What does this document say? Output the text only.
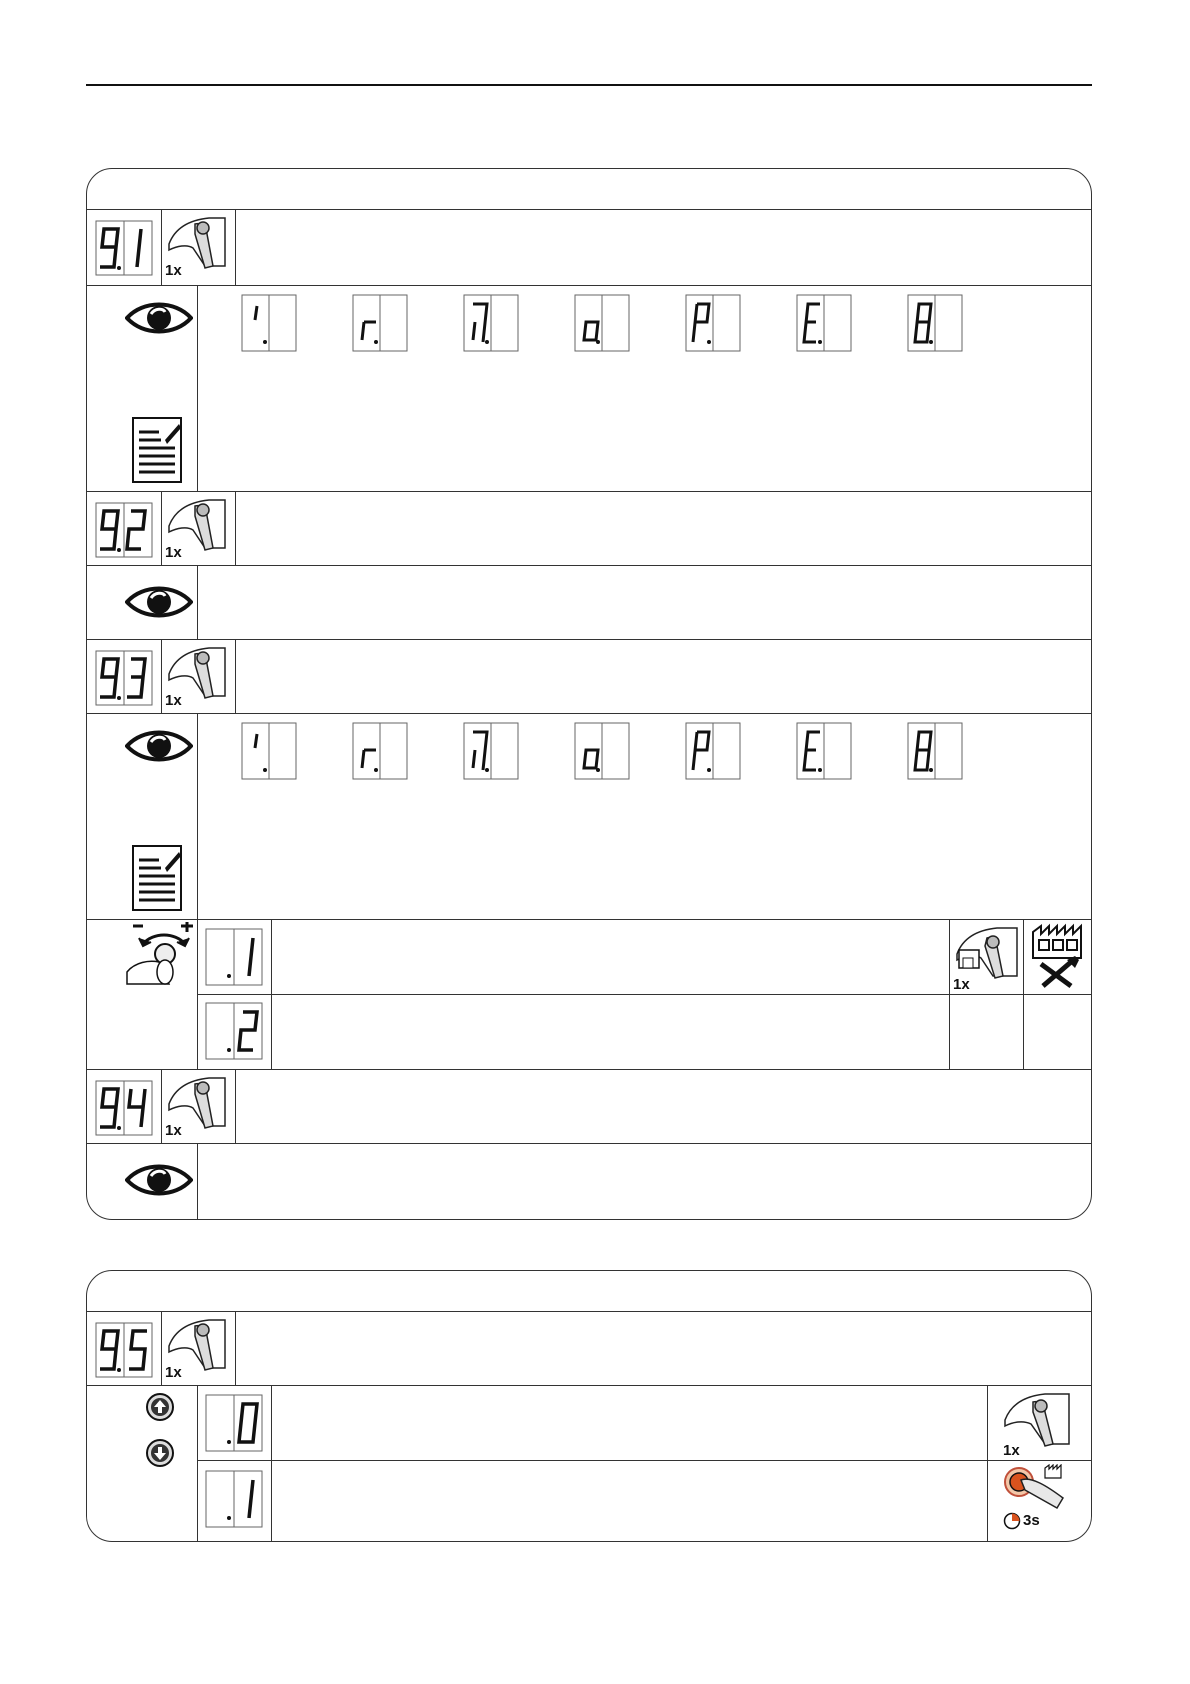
1x
1x
1x
1x
1x
1x
1x
3s
